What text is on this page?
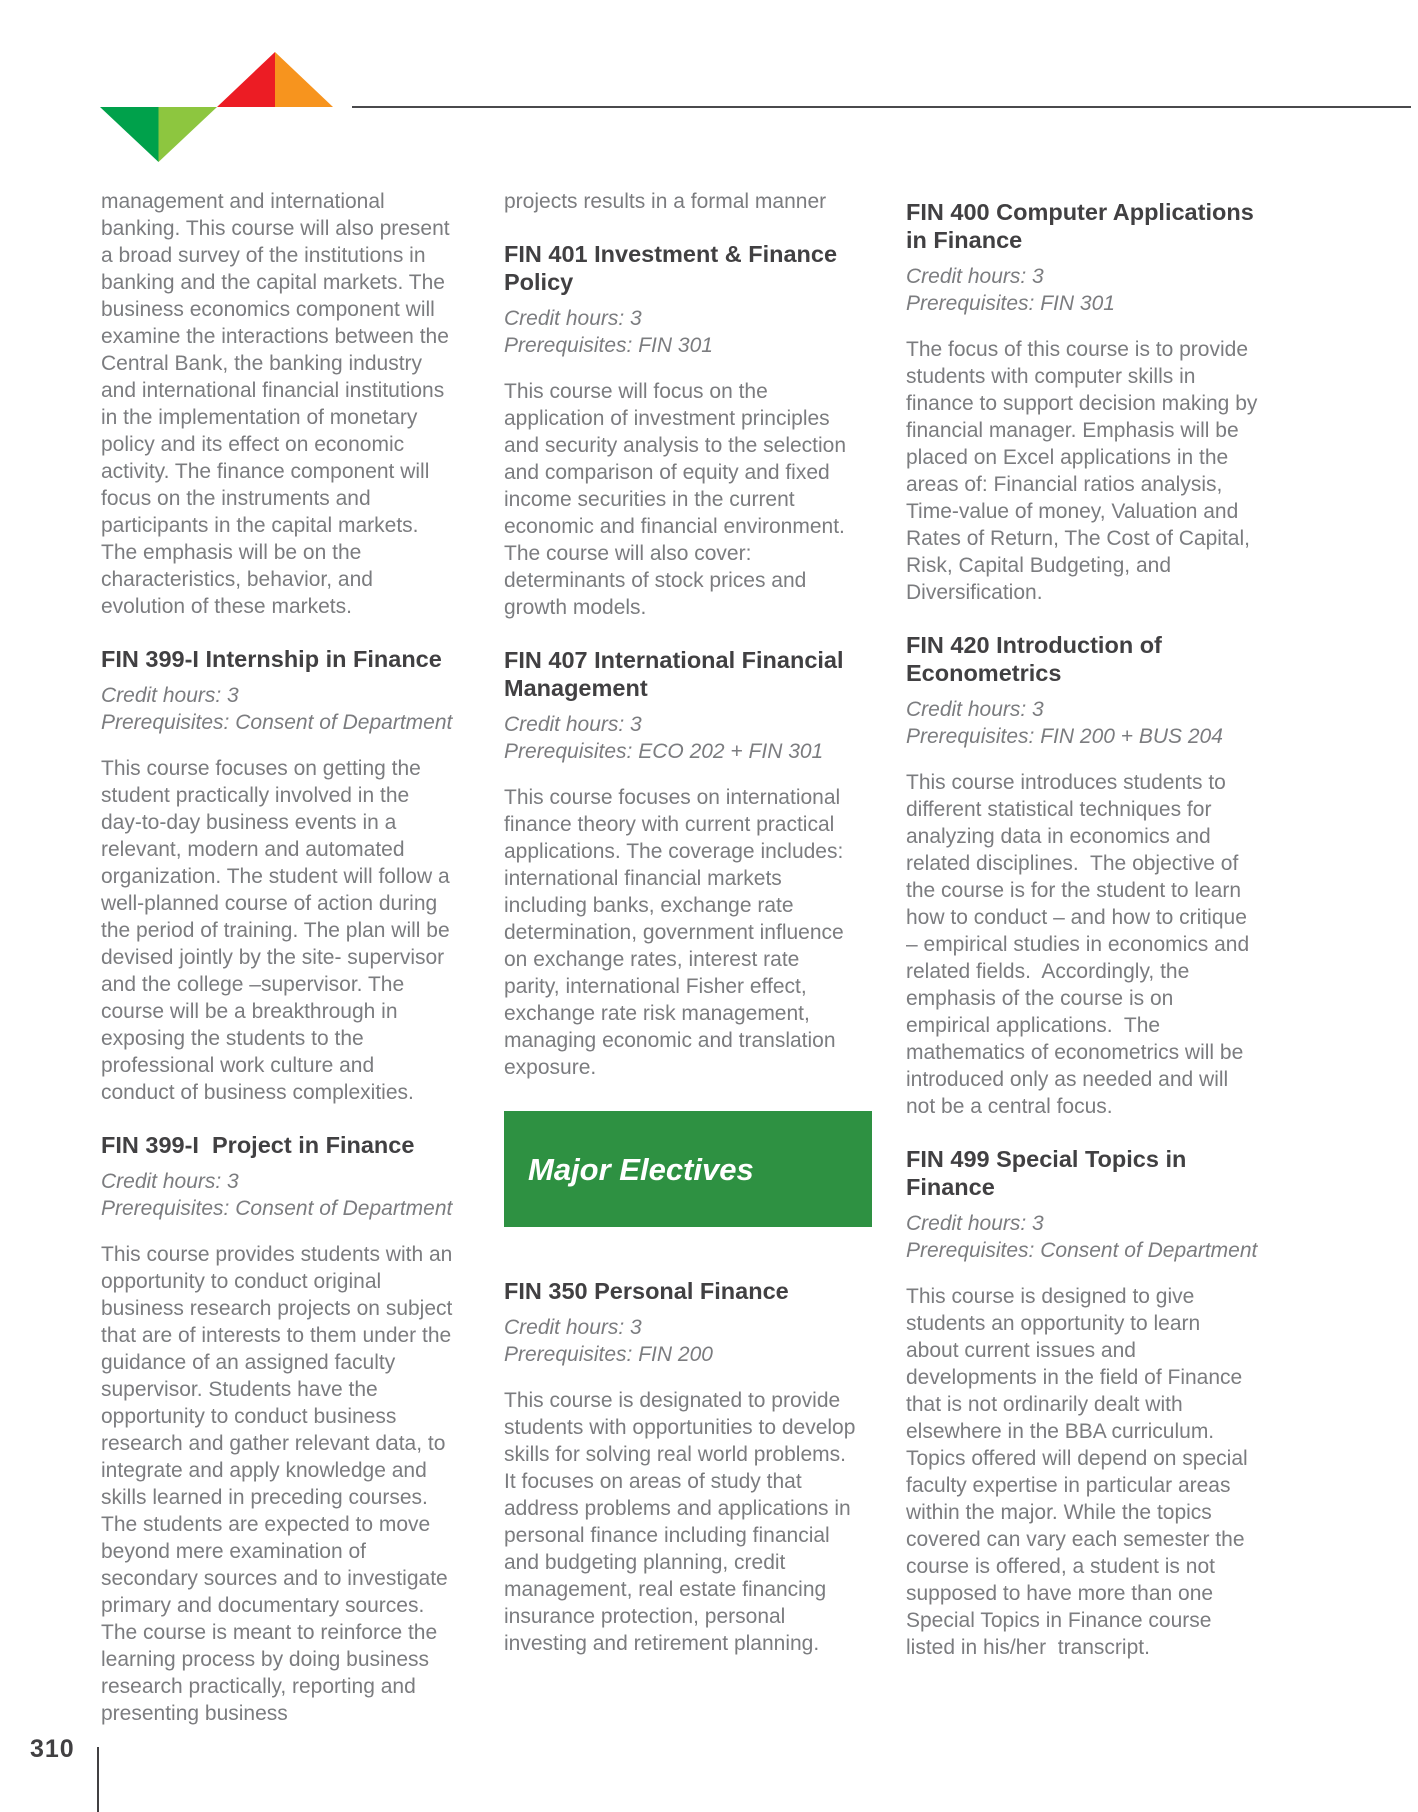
management and international banking. This course will also present a broad survey of the institutions in banking and the capital markets. The business economics component will examine the interactions between the Central Bank, the banking industry and international financial institutions in the implementation of monetary policy and its effect on economic activity. The finance component will focus on the instruments and participants in the capital markets. The emphasis will be on the characteristics, behavior, and evolution of these markets.

FIN 399-I Internship in Finance

Credit hours: 3
Prerequisites: Consent of Department

This course focuses on getting the student practically involved in the day-to-day business events in a relevant, modern and automated organization. The student will follow a well-planned course of action during the period of training. The plan will be devised jointly by the site- supervisor and the college –supervisor. The course will be a breakthrough in exposing the students to the professional work culture and conduct of business complexities.

FIN 399-I  Project in Finance

Credit hours: 3
Prerequisites: Consent of Department

This course provides students with an opportunity to conduct original business research projects on subject that are of interests to them under the guidance of an assigned faculty supervisor. Students have the opportunity to conduct business research and gather relevant data, to integrate and apply knowledge and skills learned in preceding courses. The students are expected to move beyond mere examination of secondary sources and to investigate primary and documentary sources. The course is meant to reinforce the learning process by doing business research practically, reporting and presenting business

projects results in a formal manner

FIN 401 Investment & Finance Policy

Credit hours: 3
Prerequisites: FIN 301

This course will focus on the application of investment principles and security analysis to the selection and comparison of equity and fixed income securities in the current economic and financial environment. The course will also cover: determinants of stock prices and growth models.

FIN 407 International Financial Management

Credit hours: 3
Prerequisites: ECO 202 + FIN 301

This course focuses on international finance theory with current practical applications. The coverage includes: international financial markets including banks, exchange rate determination, government influence on exchange rates, interest rate parity, international Fisher effect, exchange rate risk management, managing economic and translation exposure.

Major Electives
FIN 350 Personal Finance

Credit hours: 3
Prerequisites: FIN 200

This course is designated to provide students with opportunities to develop skills for solving real world problems. It focuses on areas of study that address problems and applications in personal finance including financial and budgeting planning, credit management, real estate financing insurance protection, personal investing and retirement planning.

FIN 400 Computer Applications in Finance

Credit hours: 3
Prerequisites: FIN 301

The focus of this course is to provide students with computer skills in finance to support decision making by financial manager. Emphasis will be placed on Excel applications in the areas of: Financial ratios analysis, Time-value of money, Valuation and Rates of Return, The Cost of Capital, Risk, Capital Budgeting, and Diversification.

FIN 420 Introduction of Econometrics

Credit hours: 3
Prerequisites: FIN 200 + BUS 204

This course introduces students to different statistical techniques for analyzing data in economics and related disciplines.  The objective of the course is for the student to learn how to conduct – and how to critique – empirical studies in economics and related fields.  Accordingly, the emphasis of the course is on empirical applications.  The mathematics of econometrics will be introduced only as needed and will not be a central focus.

FIN 499 Special Topics in Finance

Credit hours: 3
Prerequisites: Consent of Department

This course is designed to give students an opportunity to learn about current issues and developments in the field of Finance that is not ordinarily dealt with elsewhere in the BBA curriculum. Topics offered will depend on special faculty expertise in particular areas within the major. While the topics covered can vary each semester the course is offered, a student is not supposed to have more than one Special Topics in Finance course listed in his/her  transcript.

310
